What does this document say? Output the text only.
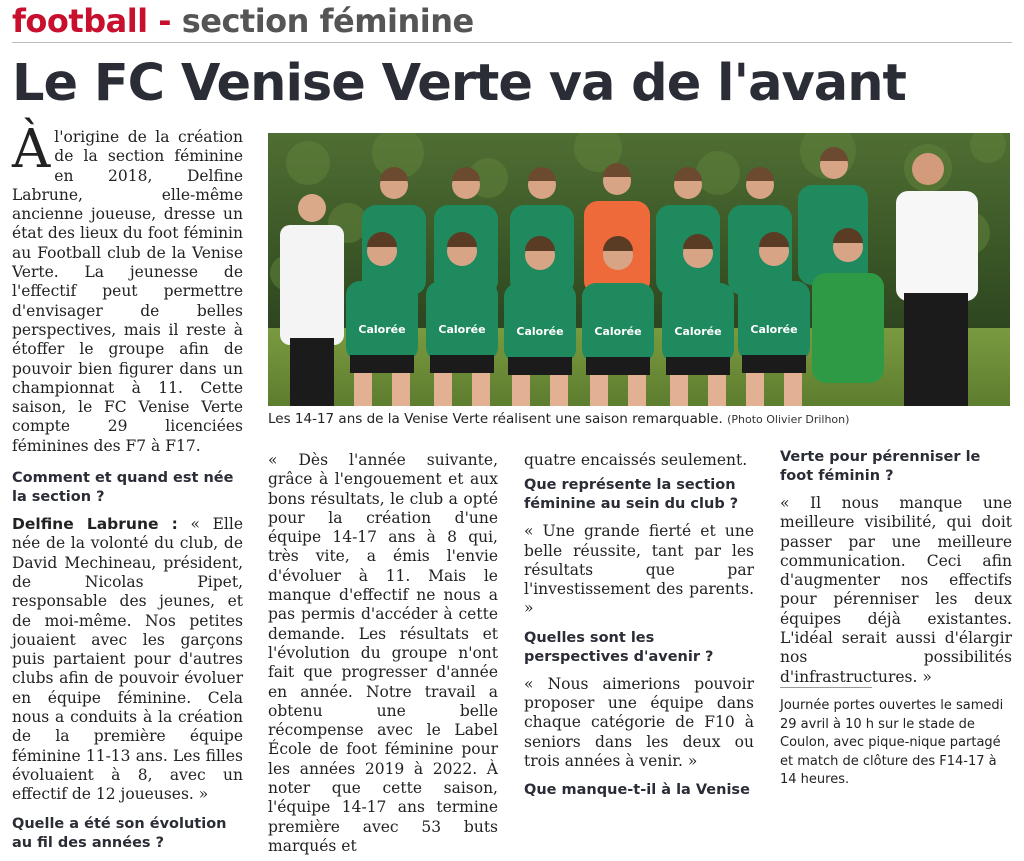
football - section féminine
Le FC Venise Verte va de l'avant

Àl'origine de la création de la section féminine en 2018, Delfine Labrune, elle-même ancienne joueuse, dresse un état des lieux du foot féminin au Football club de la Venise Verte. La jeunesse de l'effectif peut permettre d'envisager de belles perspectives, mais il reste à étoffer le groupe afin de pouvoir bien figurer dans un championnat à 11. Cette saison, le FC Venise Verte compte 29 licenciées féminines des F7 à F17.

Comment et quand est née la section ?

Delfine Labrune : « Elle née de la volonté du club, de David Mechineau, président, de Nicolas Pipet, responsable des jeunes, et de moi-même. Nos petites jouaient avec les garçons puis partaient pour d'autres clubs afin de pouvoir évoluer en équipe féminine. Cela nous a conduits à la création de la première équipe féminine 11-13 ans. Les filles évoluaient à 8, avec un effectif de 12 joueuses. »

Quelle a été son évolution au fil des années ?
Calorée	Calorée	Calorée	Calorée	Calorée	Calorée
Les 14-17 ans de la Venise Verte réalisent une saison remarquable. (Photo Olivier Drilhon)

« Dès l'année suivante, grâce à l'engouement et aux bons résultats, le club a opté pour la création d'une équipe 14-17 ans à 8 qui, très vite, a émis l'envie d'évoluer à 11. Mais le manque d'effectif ne nous a pas permis d'accéder à cette demande. Les résultats et l'évolution du groupe n'ont fait que progresser d'année en année. Notre travail a obtenu une belle récompense avec le Label École de foot féminine pour les années 2019 à 2022. À noter que cette saison, l'équipe 14-17 ans termine première avec 53 buts marqués et

quatre encaissés seulement.

Que représente la section féminine au sein du club ?

« Une grande fierté et une belle réussite, tant par les résultats que par l'investissement des parents. »

Quelles sont les perspectives d'avenir ?

« Nous aimerions pouvoir proposer une équipe dans chaque catégorie de F10 à seniors dans les deux ou trois années à venir. »

Que manque-t-il à la Venise
Verte pour pérenniser le foot féminin ?

« Il nous manque une meilleure visibilité, qui doit passer par une meilleure communication. Ceci afin d'augmenter nos effectifs pour pérenniser les deux équipes déjà existantes. L'idéal serait aussi d'élargir nos possibilités d'infrastructures. »

Journée portes ouvertes le samedi 29 avril à 10 h sur le stade de Coulon, avec pique-nique partagé et match de clôture des F14-17 à 14 heures.
